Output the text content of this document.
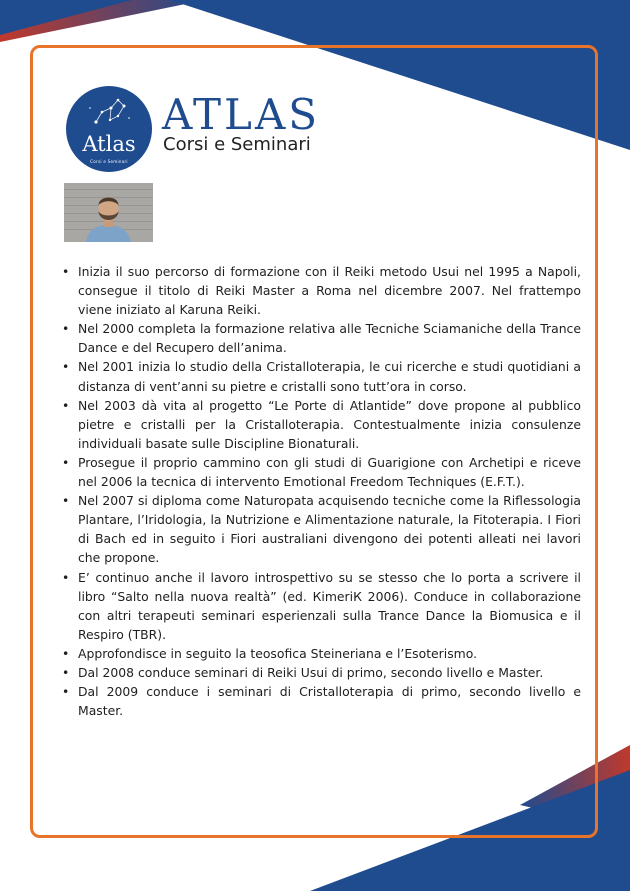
Atlas
Corsi e Seminari
ATLAS
Corsi e Seminari
• Inizia il suo percorso di formazione con il Reiki metodo Usui nel 1995 a Napoli, consegue il titolo di Reiki Master a Roma nel dicembre 2007. Nel frattempo viene iniziato al Karuna Reiki.
• Nel 2000 completa la formazione relativa alle Tecniche Sciamaniche della Trance Dance e del Recupero dell’anima.
• Nel 2001 inizia lo studio della Cristalloterapia, le cui ricerche e studi quotidiani a distanza di vent’anni su pietre e cristalli sono tutt’ora in corso.
• Nel 2003 dà vita al progetto “Le Porte di Atlantide” dove propone al pubblico pietre e cristalli per la Cristalloterapia. Contestualmente inizia consulenze individuali basate sulle Discipline Bionaturali.
• Prosegue il proprio cammino con gli studi di Guarigione con Archetipi e riceve nel 2006 la tecnica di intervento Emotional Freedom Techniques (E.F.T.).
• Nel 2007 si diploma come Naturopata acquisendo tecniche come la Riflessologia Plantare, l’Iridologia, la Nutrizione e Alimentazione naturale, la Fitoterapia. I Fiori di Bach ed in seguito i Fiori australiani divengono dei potenti alleati nei lavori che propone.
• E’ continuo anche il lavoro introspettivo su se stesso che lo porta a scrivere il libro “Salto nella nuova realtà” (ed. КimeriК 2006). Conduce in collaborazione con altri terapeuti seminari esperienzali sulla Trance Dance la Biomusica e il Respiro (TBR).
• Approfondisce in seguito la teosofica Steineriana e l’Esoterismo.
• Dal 2008 conduce seminari di Reiki Usui di primo, secondo livello e Master.
• Dal 2009 conduce i seminari di Cristalloterapia di primo, secondo livello e Master.
